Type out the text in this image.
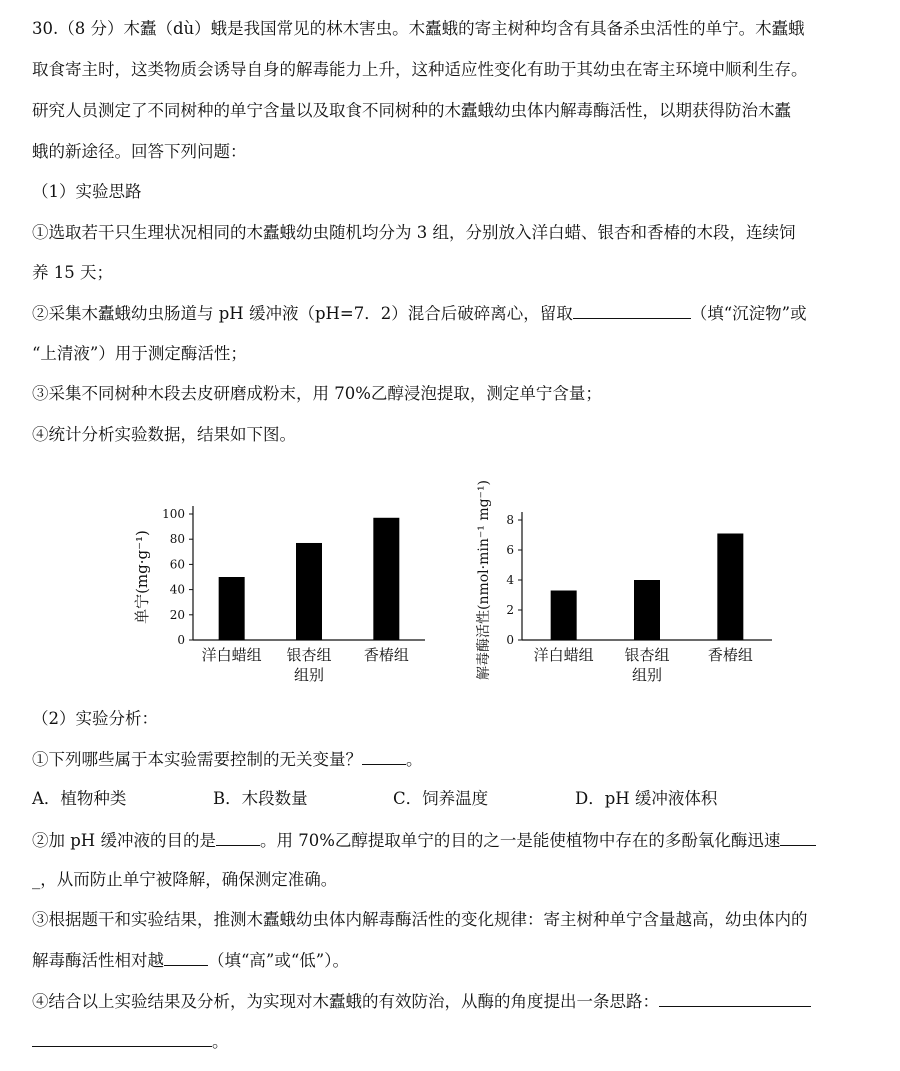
30.（8 分）木蠹（dù）蛾是我国常见的林木害虫。木蠹蛾的寄主树种均含有具备杀虫活性的单宁。木蠹蛾
取食寄主时，这类物质会诱导自身的解毒能力上升，这种适应性变化有助于其幼虫在寄主环境中顺利生存。
研究人员测定了不同树种的单宁含量以及取食不同树种的木蠹蛾幼虫体内解毒酶活性，以期获得防治木蠹
蛾的新途径。回答下列问题：
（1）实验思路
①选取若干只生理状况相同的木蠹蛾幼虫随机均分为 3 组，分别放入洋白蜡、银杏和香椿的木段，连续饲
养 15 天；
②采集木蠹蛾幼虫肠道与 pH 缓冲液（pH=7．2）混合后破碎离心，留取	（填“沉淀物”或
“上清液”）用于测定酶活性；
③采集不同树种木段去皮研磨成粉末，用 70%乙醇浸泡提取，测定单宁含量；
④统计分析实验数据，结果如下图。
0
20
40
60
80
100
洋白蜡组 银杏组 香椿组
组别
单宁(mg·g⁻¹)
0
2
4
6
8
洋白蜡组 银杏组	香椿组
组别
解毒酶活性(nmol·min⁻¹ mg⁻¹)
（2）实验分析：
①下列哪些属于本实验需要控制的无关变量？	。
A．植物种类	B．木段数量	C．饲养温度	D．pH 缓冲液体积
②加 pH 缓冲液的目的是	。用 70%乙醇提取单宁的目的之一是能使植物中存在的多酚氧化酶迅速
_，从而防止单宁被降解，确保测定准确。
③根据题干和实验结果，推测木蠹蛾幼虫体内解毒酶活性的变化规律：寄主树种单宁含量越高，幼虫体内的
解毒酶活性相对越	（填“高”或“低”）。
④结合以上实验结果及分析，为实现对木蠹蛾的有效防治，从酶的角度提出一条思路：
。
